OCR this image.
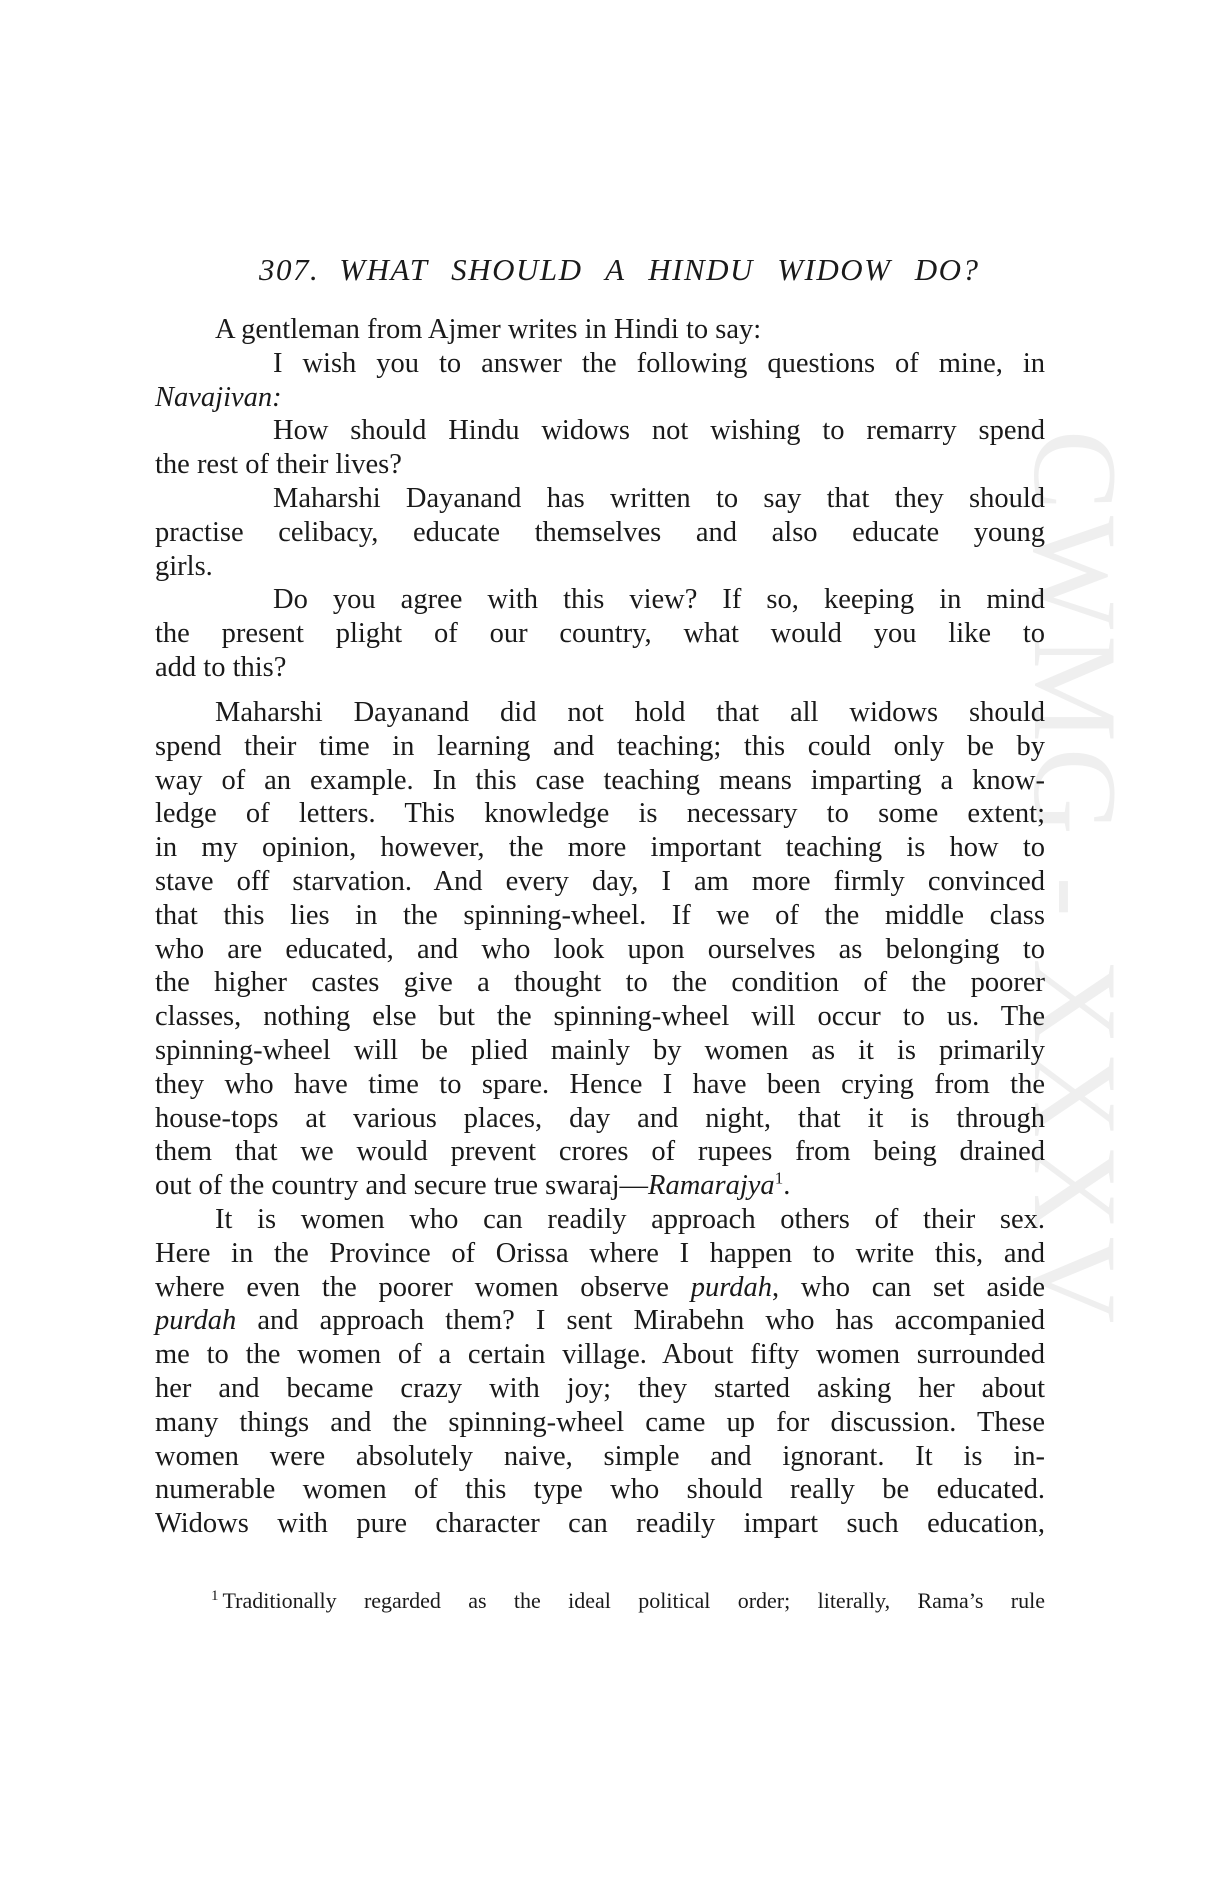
CWMG - XXXV
307. WHAT SHOULD A HINDU WIDOW DO?
A gentleman from Ajmer writes in Hindi to say:
I wish you to answer the following questions of mine, in
Navajivan:
How should Hindu widows not wishing to remarry spend
the rest of their lives?
Maharshi Dayanand has written to say that they should
practise celibacy, educate themselves and also educate young
girls.
Do you agree with this view? If so, keeping in mind
the present plight of our country, what would you like to
add to this?
Maharshi Dayanand did not hold that all widows should
spend their time in learning and teaching; this could only be by
way of an example. In this case teaching means imparting a know-
ledge of letters. This knowledge is necessary to some extent;
in my opinion, however, the more important teaching is how to
stave off starvation. And every day, I am more firmly convinced
that this lies in the spinning-wheel. If we of the middle class
who are educated, and who look upon ourselves as belonging to
the higher castes give a thought to the condition of the poorer
classes, nothing else but the spinning-wheel will occur to us. The
spinning-wheel will be plied mainly by women as it is primarily
they who have time to spare. Hence I have been crying from the
house-tops at various places, day and night, that it is through
them that we would prevent crores of rupees from being drained
out of the country and secure true swaraj—Ramarajya$^1$.
It is women who can readily approach others of their sex.
Here in the Province of Orissa where I happen to write this, and
where even the poorer women observe purdah, who can set aside
purdah and approach them? I sent Mirabehn who has accompanied
me to the women of a certain village. About fifty women surrounded
her and became crazy with joy; they started asking her about
many things and the spinning-wheel came up for discussion. These
women were absolutely naive, simple and ignorant. It is in-
numerable women of this type who should really be educated.
Widows with pure character can readily impart such education,
$^1$ Traditionally regarded as the ideal political order; literally, Rama’s rule
